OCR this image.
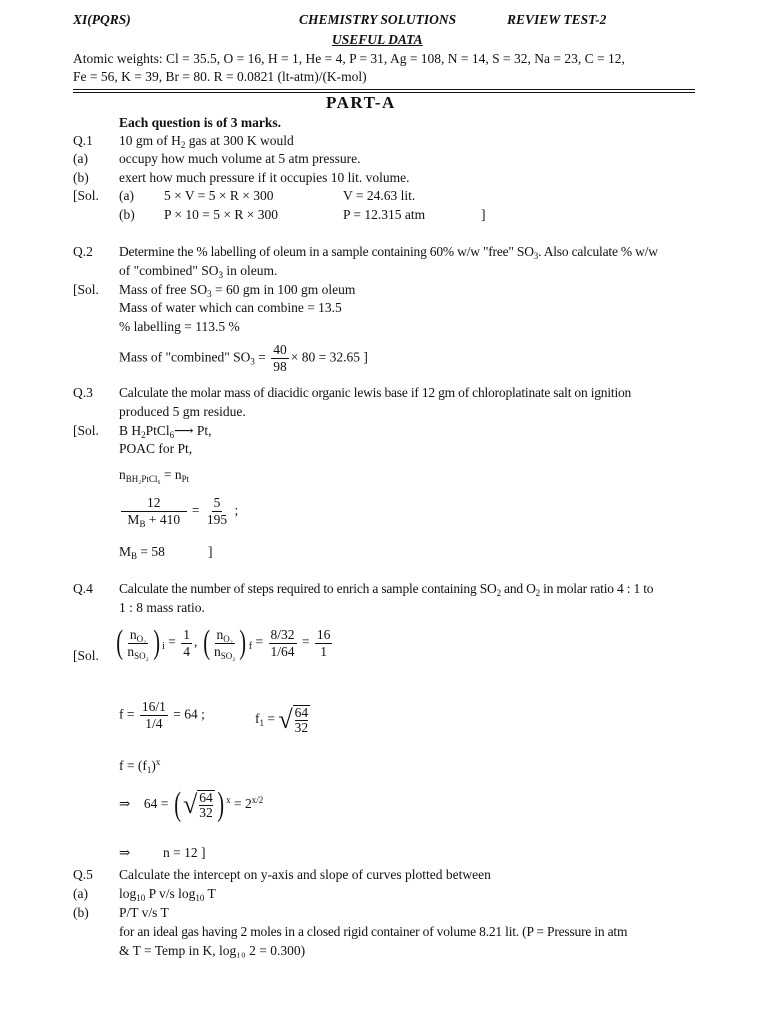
XI(PQRS)	CHEMISTRY SOLUTIONS	REVIEW TEST-2
USEFUL DATA
Atomic weights: Cl = 35.5, O = 16, H = 1, He = 4, P = 31, Ag = 108, N = 14, S = 32, Na = 23, C = 12,
Fe = 56, K = 39, Br = 80. R = 0.0821 (lt-atm)/(K-mol)
PART-A
Each question is of 3 marks.
Q.1 10 gm of $H_2$ gas at 300 K would
(a) occupy how much volume at 5 atm pressure.
(b) exert how much pressure if it occupies 10 lit. volume.
[Sol. (a) 5 × V = 5 × R × 300	V = 24.63 lit.
(b) P × 10 = 5 × R × 300	P = 12.315 atm	]
Q.2 Determine the % labelling of oleum in a sample containing 60% w/w "free" $SO_3$. Also calculate % w/w
of "combined" $SO_3$ in oleum.
[Sol. Mass of free $SO_3 = 60$ gm in 100 gm oleum
Mass of water which can combine = 13.5
% labelling = 113.5 %
Mass of "combined" $SO_3 = \frac{40}{98} \times 80 = 32.65$ ]
Q.3 Calculate the molar mass of diacidic organic lewis base if 12 gm of chloroplatinate salt on ignition
produced 5 gm residue.
[Sol. B $H_2PtCl_6⟶$ Pt,
POAC for Pt,
$n_{BH_2PtCl_6} = n_{Pt}$
$\frac{12}{M_B + 410} = \frac{5}{195}$ ;
$M_B = 58$	]
Q.4 Calculate the number of steps required to enrich a sample containing $SO_2$ and $O_2$ in molar ratio 4 : 1 to
1 : 8 mass ratio.
[Sol. ( $\frac{n_{O_2}}{n_{SO_2}}$ ) $_i = \frac{1}{4}$ , ( $\frac{n_{O_2}}{n_{SO_2}}$ ) $_f = \frac{8/32}{1/64} = \frac{16}{1}$
$f = \frac{16/1}{1/4} = 64$ ;	$f_1$ = √ 64
32
$f = (f_1)^x$
⇒ 64 = ( √ 64
32 ) $^x = 2^{x/2}$
⇒ n = 12 ]
Q.5 Calculate the intercept on y-axis and slope of curves plotted between
(a) $\log_{10} P$ v/s $\log_{10} T$
(b) P/T v/s T
for an ideal gas having 2 moles in a closed rigid container of volume 8.21 lit. (P = Pressure in atm
& T = Temp in K, log₁₀ 2 = 0.300)
